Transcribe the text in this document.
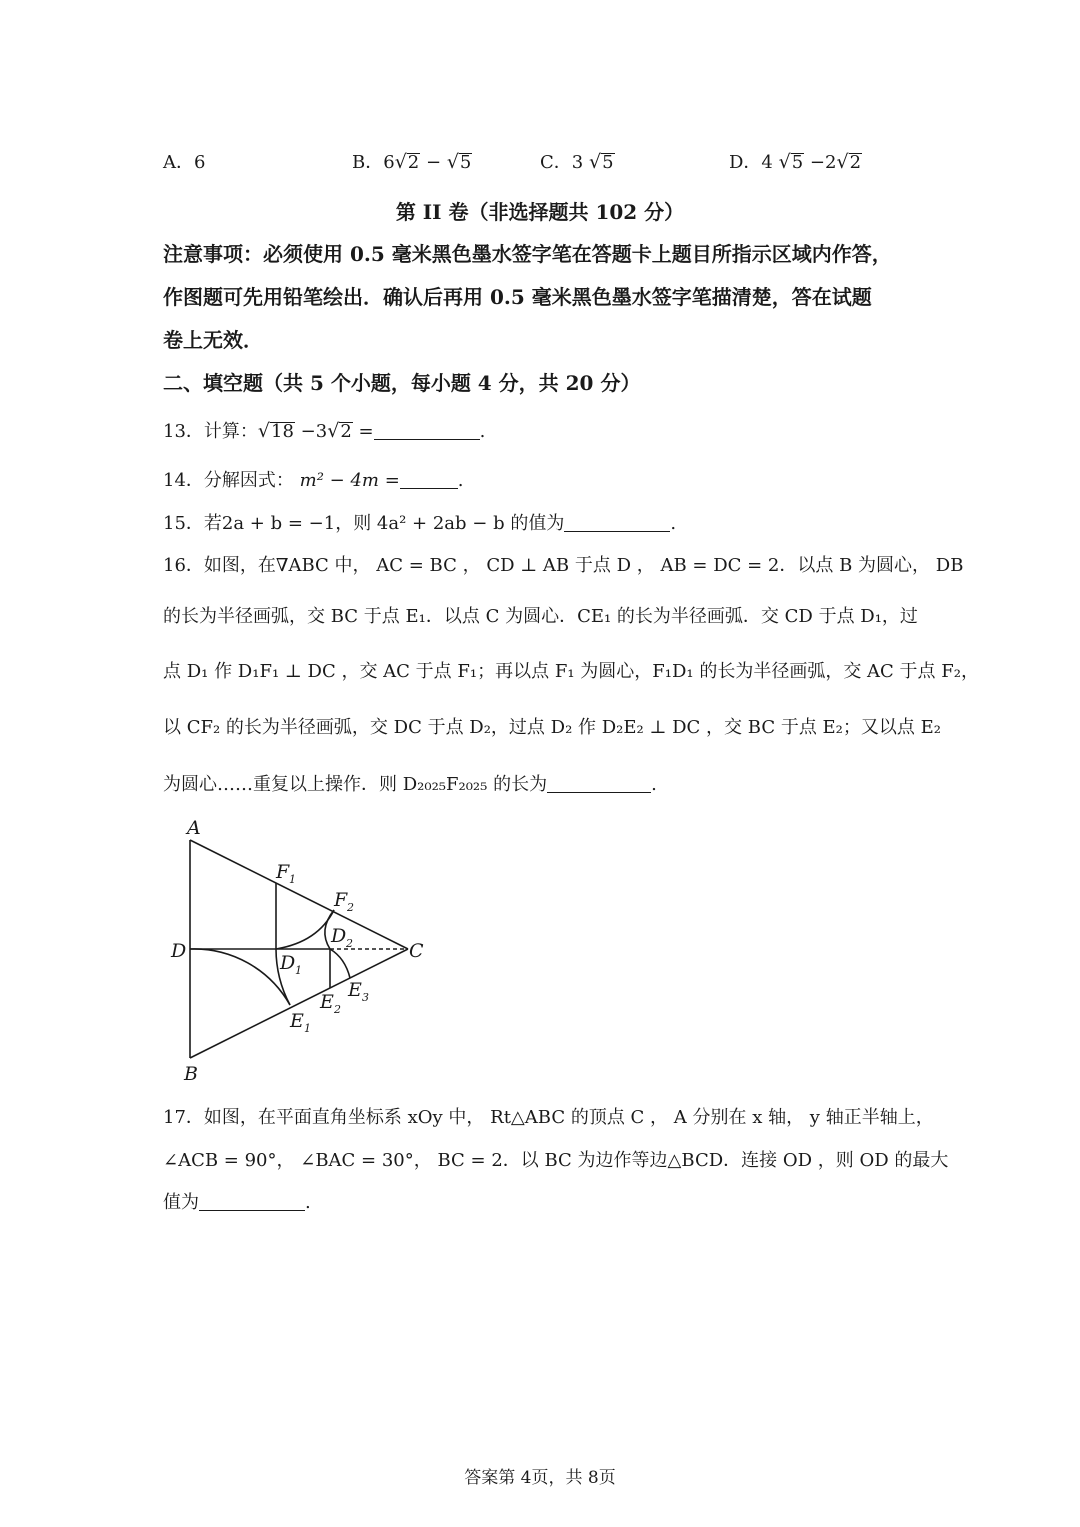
A．6	B．6√2 − √5	C．3 √5	D．4 √5 −2√2
第 II 卷（非选择题共 102 分）
注意事项：必须使用 0.5 毫米黑色墨水签字笔在答题卡上题目所指示区域内作答，
作图题可先用铅笔绘出．确认后再用 0.5 毫米黑色墨水签字笔描清楚，答在试题
卷上无效．
二、填空题（共 5 个小题，每小题 4 分，共 20 分）
13．计算：√18 −3√2 =	.
14．分解因式： m² − 4m =	.
15．若2a + b = −1，则 4a² + 2ab − b 的值为	.
16．如图，在∇ABC 中， AC = BC ， CD ⊥ AB 于点 D ， AB = DC = 2．以点 B 为圆心， DB
的长为半径画弧，交 BC 于点 E₁．以点 C 为圆心．CE₁ 的长为半径画弧．交 CD 于点 D₁，过
点 D₁ 作 D₁F₁ ⊥ DC ，交 AC 于点 F₁；再以点 F₁ 为圆心，F₁D₁ 的长为半径画弧，交 AC 于点 F₂，
以 CF₂ 的长为半径画弧，交 DC 于点 D₂，过点 D₂ 作 D₂E₂ ⊥ DC ，交 BC 于点 E₂；又以点 E₂
为圆心……重复以上操作．则 D₂₀₂₅F₂₀₂₅ 的长为	.
A
B
C
D
F 1
F 2
D 1
D 2
E 1
E 2
E 3
17．如图，在平面直角坐标系 xOy 中， Rt△ABC 的顶点 C ， A 分别在 x 轴， y 轴正半轴上，
∠ACB = 90°， ∠BAC = 30°， BC = 2．以 BC 为边作等边△BCD．连接 OD ，则 OD 的最大
值为	.
答案第 4页，共 8页
